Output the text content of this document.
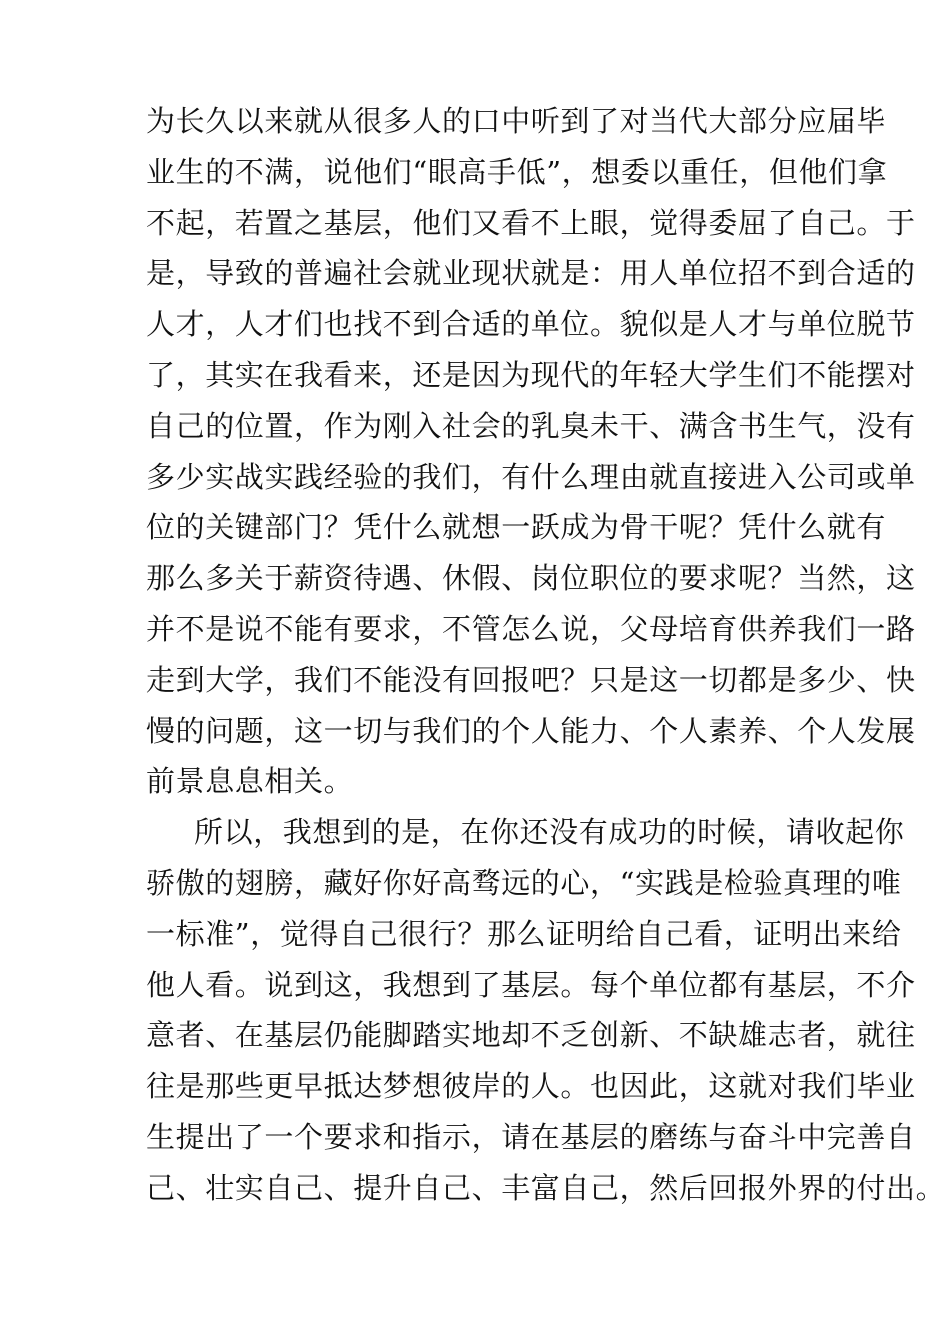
为长久以来就从很多人的口中听到了对当代大部分应届毕
业生的不满，说他们“眼高手低”，想委以重任，但他们拿
不起，若置之基层，他们又看不上眼，觉得委屈了自己。于
是，导致的普遍社会就业现状就是：用人单位招不到合适的
人才，人才们也找不到合适的单位。貌似是人才与单位脱节
了，其实在我看来，还是因为现代的年轻大学生们不能摆对
自己的位置，作为刚入社会的乳臭未干、满含书生气，没有
多少实战实践经验的我们，有什么理由就直接进入公司或单
位的关键部门？凭什么就想一跃成为骨干呢？凭什么就有
那么多关于薪资待遇、休假、岗位职位的要求呢？当然，这
并不是说不能有要求，不管怎么说，父母培育供养我们一路
走到大学，我们不能没有回报吧？只是这一切都是多少、快
慢的问题，这一切与我们的个人能力、个人素养、个人发展
前景息息相关。
所以，我想到的是，在你还没有成功的时候，请收起你
骄傲的翅膀，藏好你好高骛远的心，“实践是检验真理的唯
一标准”，觉得自己很行？那么证明给自己看，证明出来给
他人看。说到这，我想到了基层。每个单位都有基层，不介
意者、在基层仍能脚踏实地却不乏创新、不缺雄志者，就往
往是那些更早抵达梦想彼岸的人。也因此，这就对我们毕业
生提出了一个要求和指示，请在基层的磨练与奋斗中完善自
己、壮实自己、提升自己、丰富自己，然后回报外界的付出。
